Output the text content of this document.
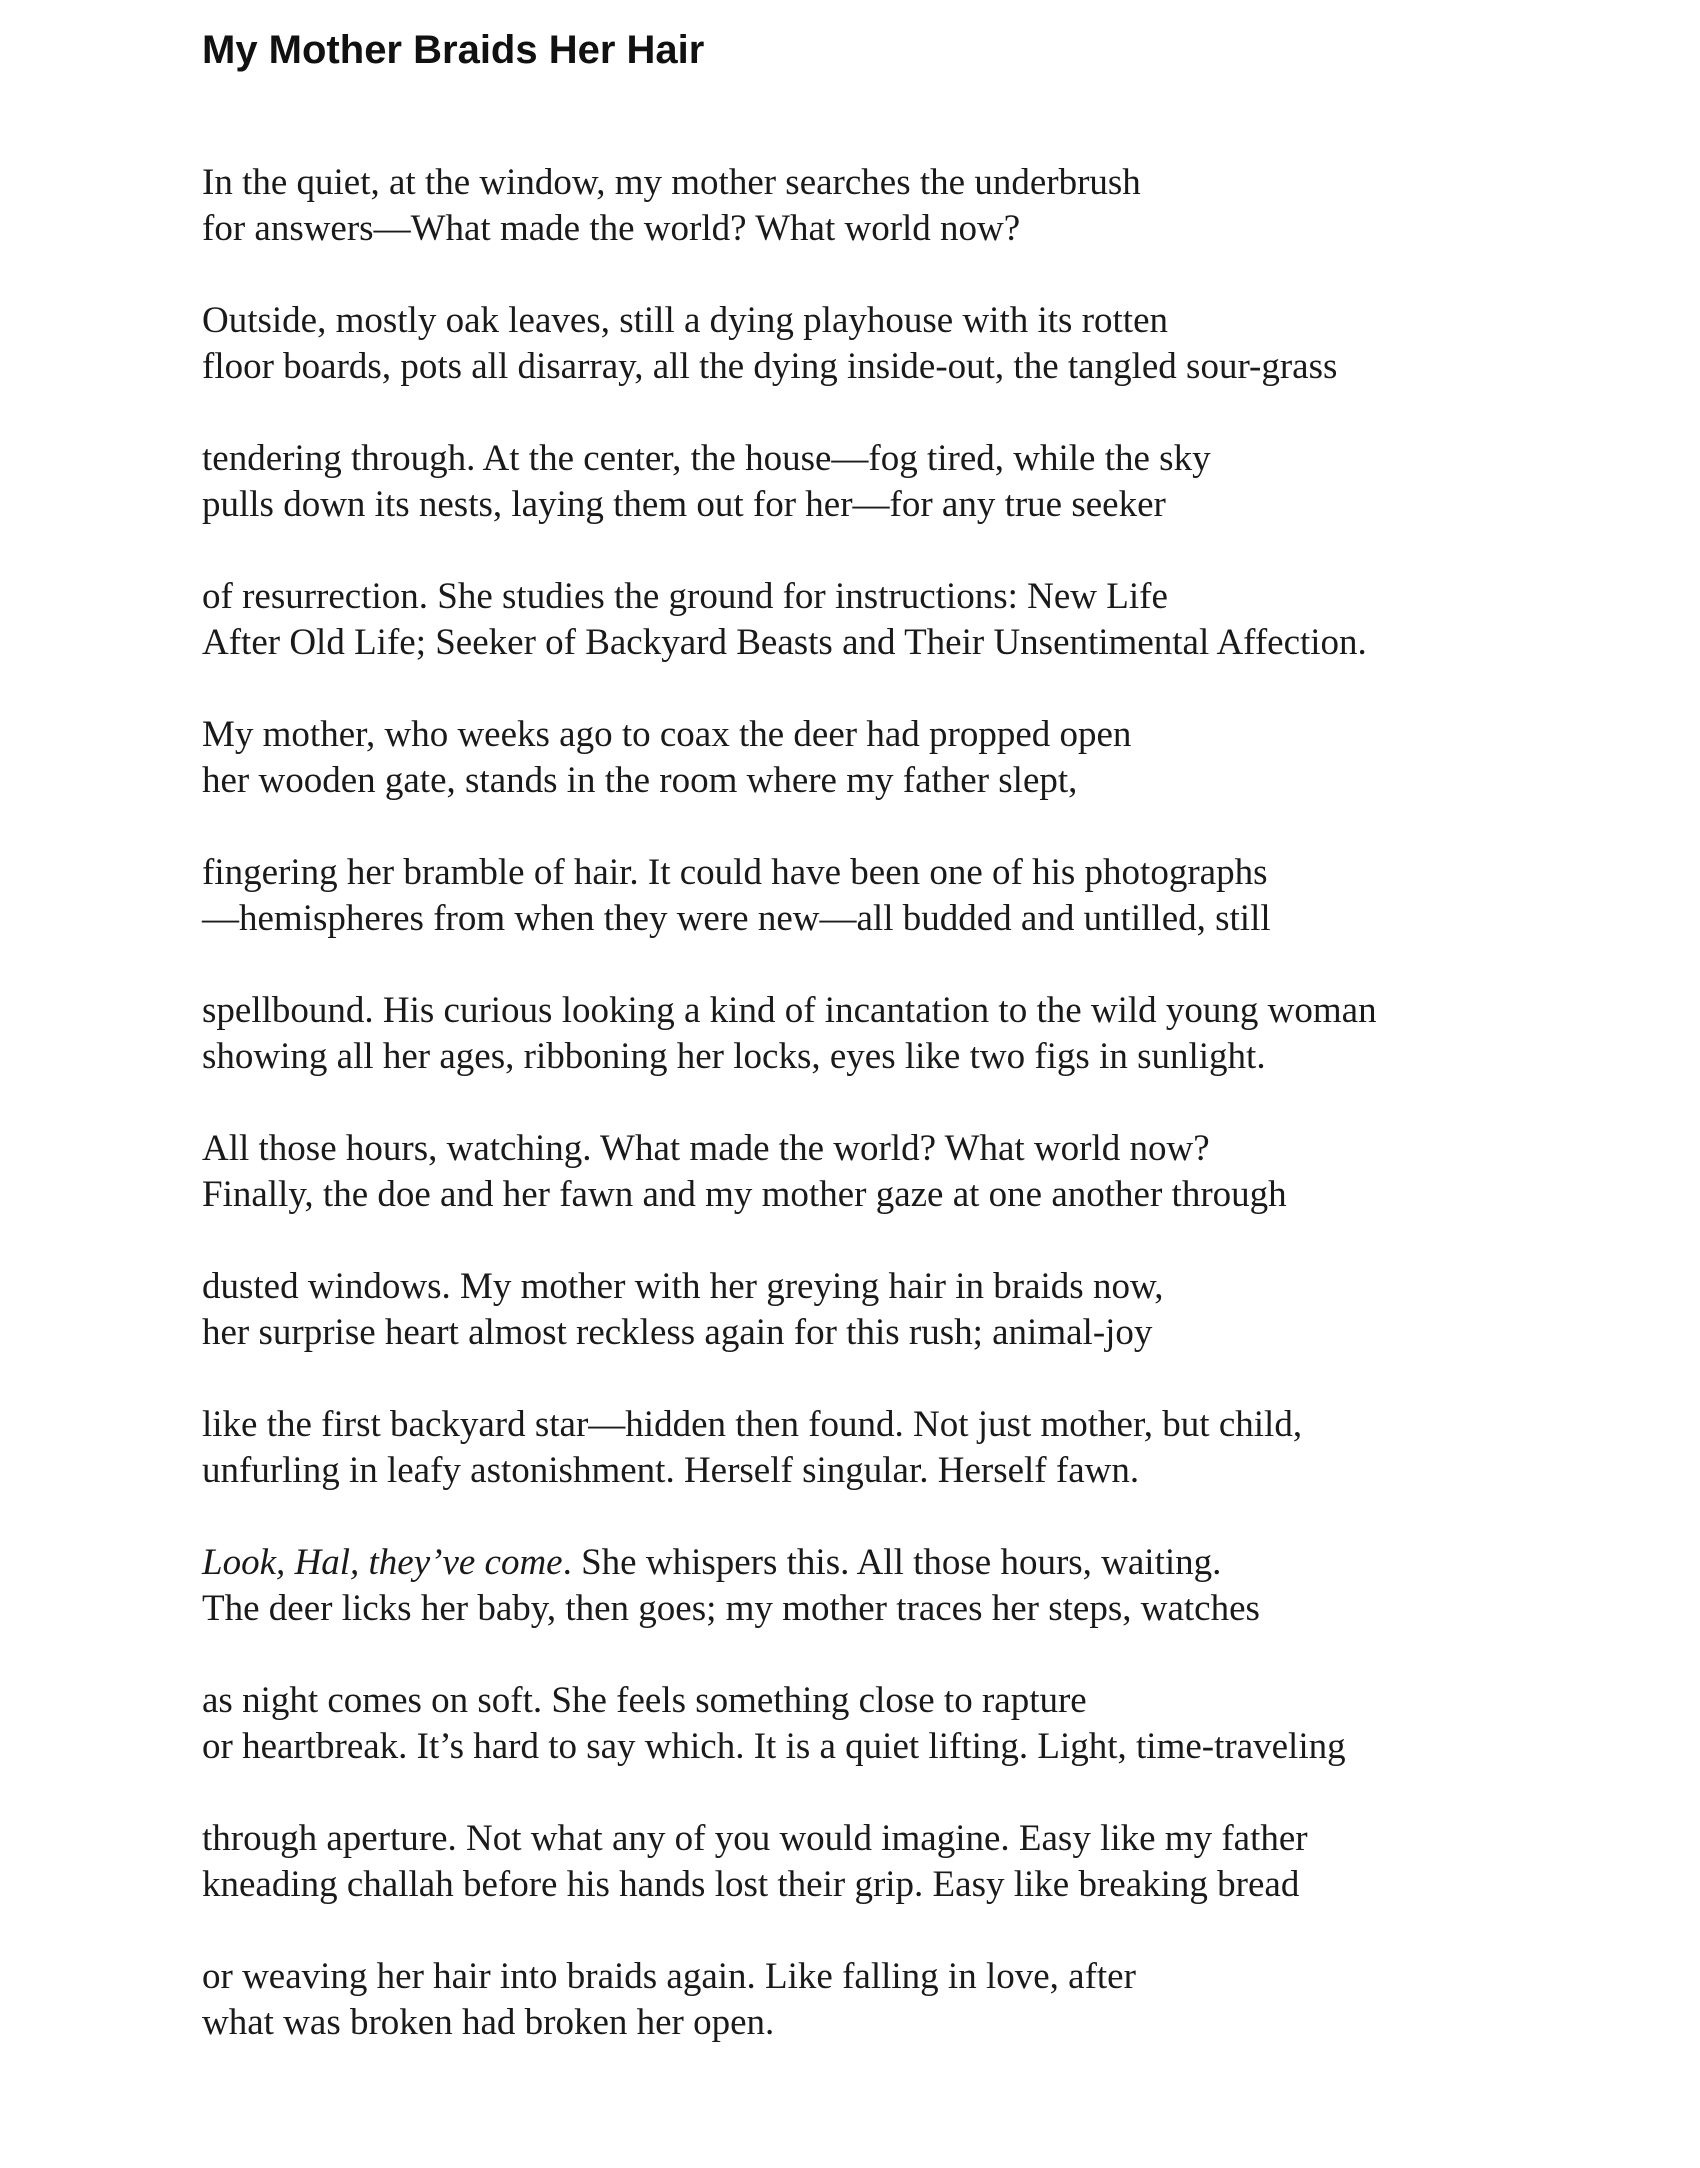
My Mother Braids Her Hair
In the quiet, at the window, my mother searches the underbrush
for answers—What made the world? What world now?
Outside, mostly oak leaves, still a dying playhouse with its rotten
floor boards, pots all disarray, all the dying inside-out, the tangled sour-grass
tendering through. At the center, the house—fog tired, while the sky
pulls down its nests, laying them out for her—for any true seeker
of resurrection. She studies the ground for instructions: New Life
After Old Life; Seeker of Backyard Beasts and Their Unsentimental Affection.
My mother, who weeks ago to coax the deer had propped open
her wooden gate, stands in the room where my father slept,
fingering her bramble of hair. It could have been one of his photographs
—hemispheres from when they were new—all budded and untilled, still
spellbound. His curious looking a kind of incantation to the wild young woman
showing all her ages, ribboning her locks, eyes like two figs in sunlight.
All those hours, watching. What made the world? What world now?
Finally, the doe and her fawn and my mother gaze at one another through
dusted windows. My mother with her greying hair in braids now,
her surprise heart almost reckless again for this rush; animal-joy
like the first backyard star—hidden then found. Not just mother, but child,
unfurling in leafy astonishment. Herself singular. Herself fawn.
Look, Hal, they’ve come. She whispers this. All those hours, waiting.
The deer licks her baby, then goes; my mother traces her steps, watches
as night comes on soft. She feels something close to rapture
or heartbreak. It’s hard to say which. It is a quiet lifting. Light, time-traveling
through aperture. Not what any of you would imagine. Easy like my father
kneading challah before his hands lost their grip. Easy like breaking bread
or weaving her hair into braids again. Like falling in love, after
what was broken had broken her open.
